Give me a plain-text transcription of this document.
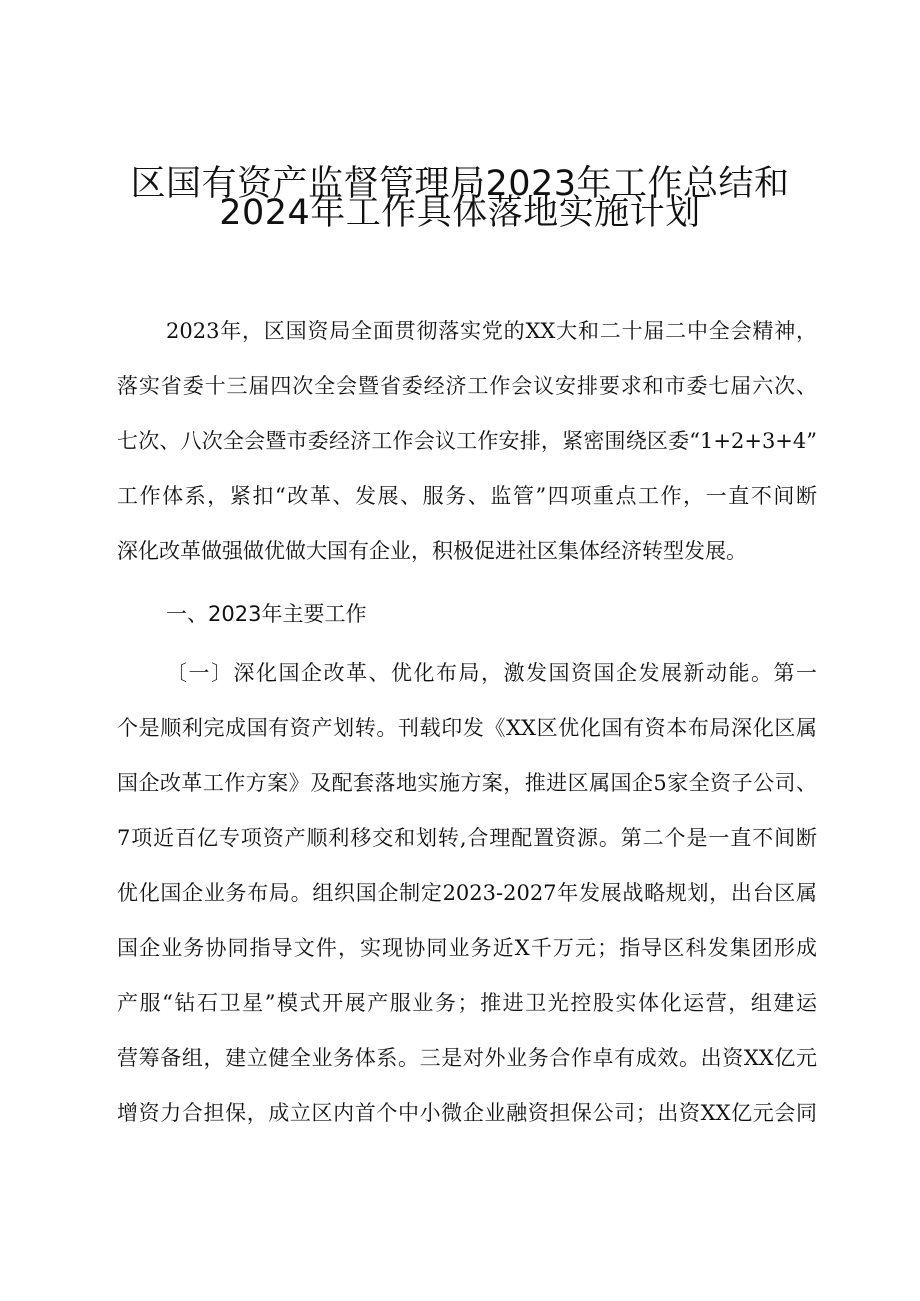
区国有资产监督管理局2023年工作总结和
2024年工作具体落地实施计划
2023年，区国资局全面贯彻落实党的XX大和二十届二中全会精神，
落实省委十三届四次全会暨省委经济工作会议安排要求和市委七届六次、
七次、八次全会暨市委经济工作会议工作安排，紧密围绕区委“1+2+3+4”
工作体系，紧扣“改革、发展、服务、监管”四项重点工作，一直不间断
深化改革做强做优做大国有企业，积极促进社区集体经济转型发展。
一、2023年主要工作
〔一〕深化国企改革、优化布局，激发国资国企发展新动能。第一
个是顺利完成国有资产划转。刊载印发《XX区优化国有资本布局深化区属
国企改革工作方案》及配套落地实施方案，推进区属国企5家全资子公司、
7项近百亿专项资产顺利移交和划转,合理配置资源。第二个是一直不间断
优化国企业务布局。组织国企制定2023-2027年发展战略规划，出台区属
国企业务协同指导文件，实现协同业务近X千万元；指导区科发集团形成
产服“钻石卫星”模式开展产服业务；推进卫光控股实体化运营，组建运
营筹备组，建立健全业务体系。三是对外业务合作卓有成效。出资XX亿元
增资力合担保，成立区内首个中小微企业融资担保公司；出资XX亿元会同
